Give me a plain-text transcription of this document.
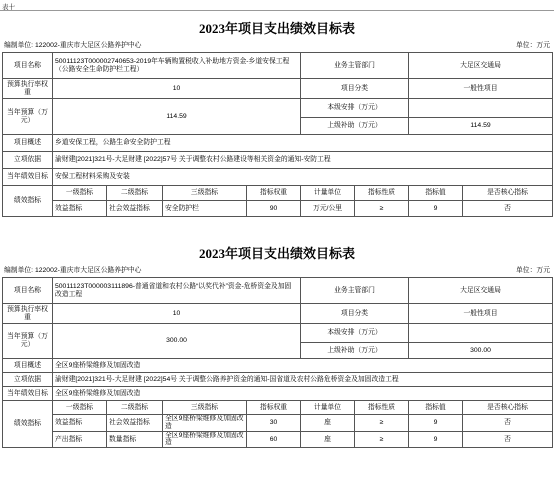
表十
2023年项目支出绩效目标表
编制单位: 122002-重庆市大足区公路养护中心	单位：万元
项目名称	50011123T000002740653-2019年车辆购置税收入补助地方资金-乡道安保工程（公路安全生命防护栏工程）				业务主管部门		大足区交通局	
预算执行率权重	10				项目分类		一般性项目	
当年预算（万元）	114.59				本级安排（万元）			
					上级补助（万元）		114.59	
项目概述	乡道安保工程，公路生命安全防护工程							
立项依据	渝财建[2021]321号-大足财建 [2022]57号 关于调整农村公路建设等相关资金的通知-安防工程							
当年绩效目标	安保工程材料采购及安装							
绩效指标	一级指标	二级指标	三级指标	指标权重	计量单位	指标性质	指标值	是否核心指标
	效益指标	社会效益指标	安全防护栏	90	万元/公里	≥	9	否
2023年项目支出绩效目标表
编制单位: 122002-重庆市大足区公路养护中心	单位：万元
项目名称	50011123T000003111896-普通省道和农村公路“以奖代补”资金-危桥资金及加固改造工程				业务主管部门		大足区交通局	
预算执行率权重	10				项目分类		一般性项目	
当年预算（万元）	300.00				本级安排（万元）			
					上级补助（万元）		300.00	
项目概述	全区9座桥梁维修及加固改造							
立项依据	渝财建[2021]321号-大足财建 [2022]54号 关于调整公路养护资金的通知-国省道及农村公路危桥资金及加固改造工程							
当年绩效目标	全区9座桥梁维修及加固改造							
绩效指标	一级指标	二级指标	三级指标	指标权重	计量单位	指标性质	指标值	是否核心指标
	效益指标	社会效益指标	全区9座桥梁维修及加固改造	30	座	≥	9	否
	产出指标	数量指标	全区9座桥梁维修及加固改造	60	座	≥	9	否
